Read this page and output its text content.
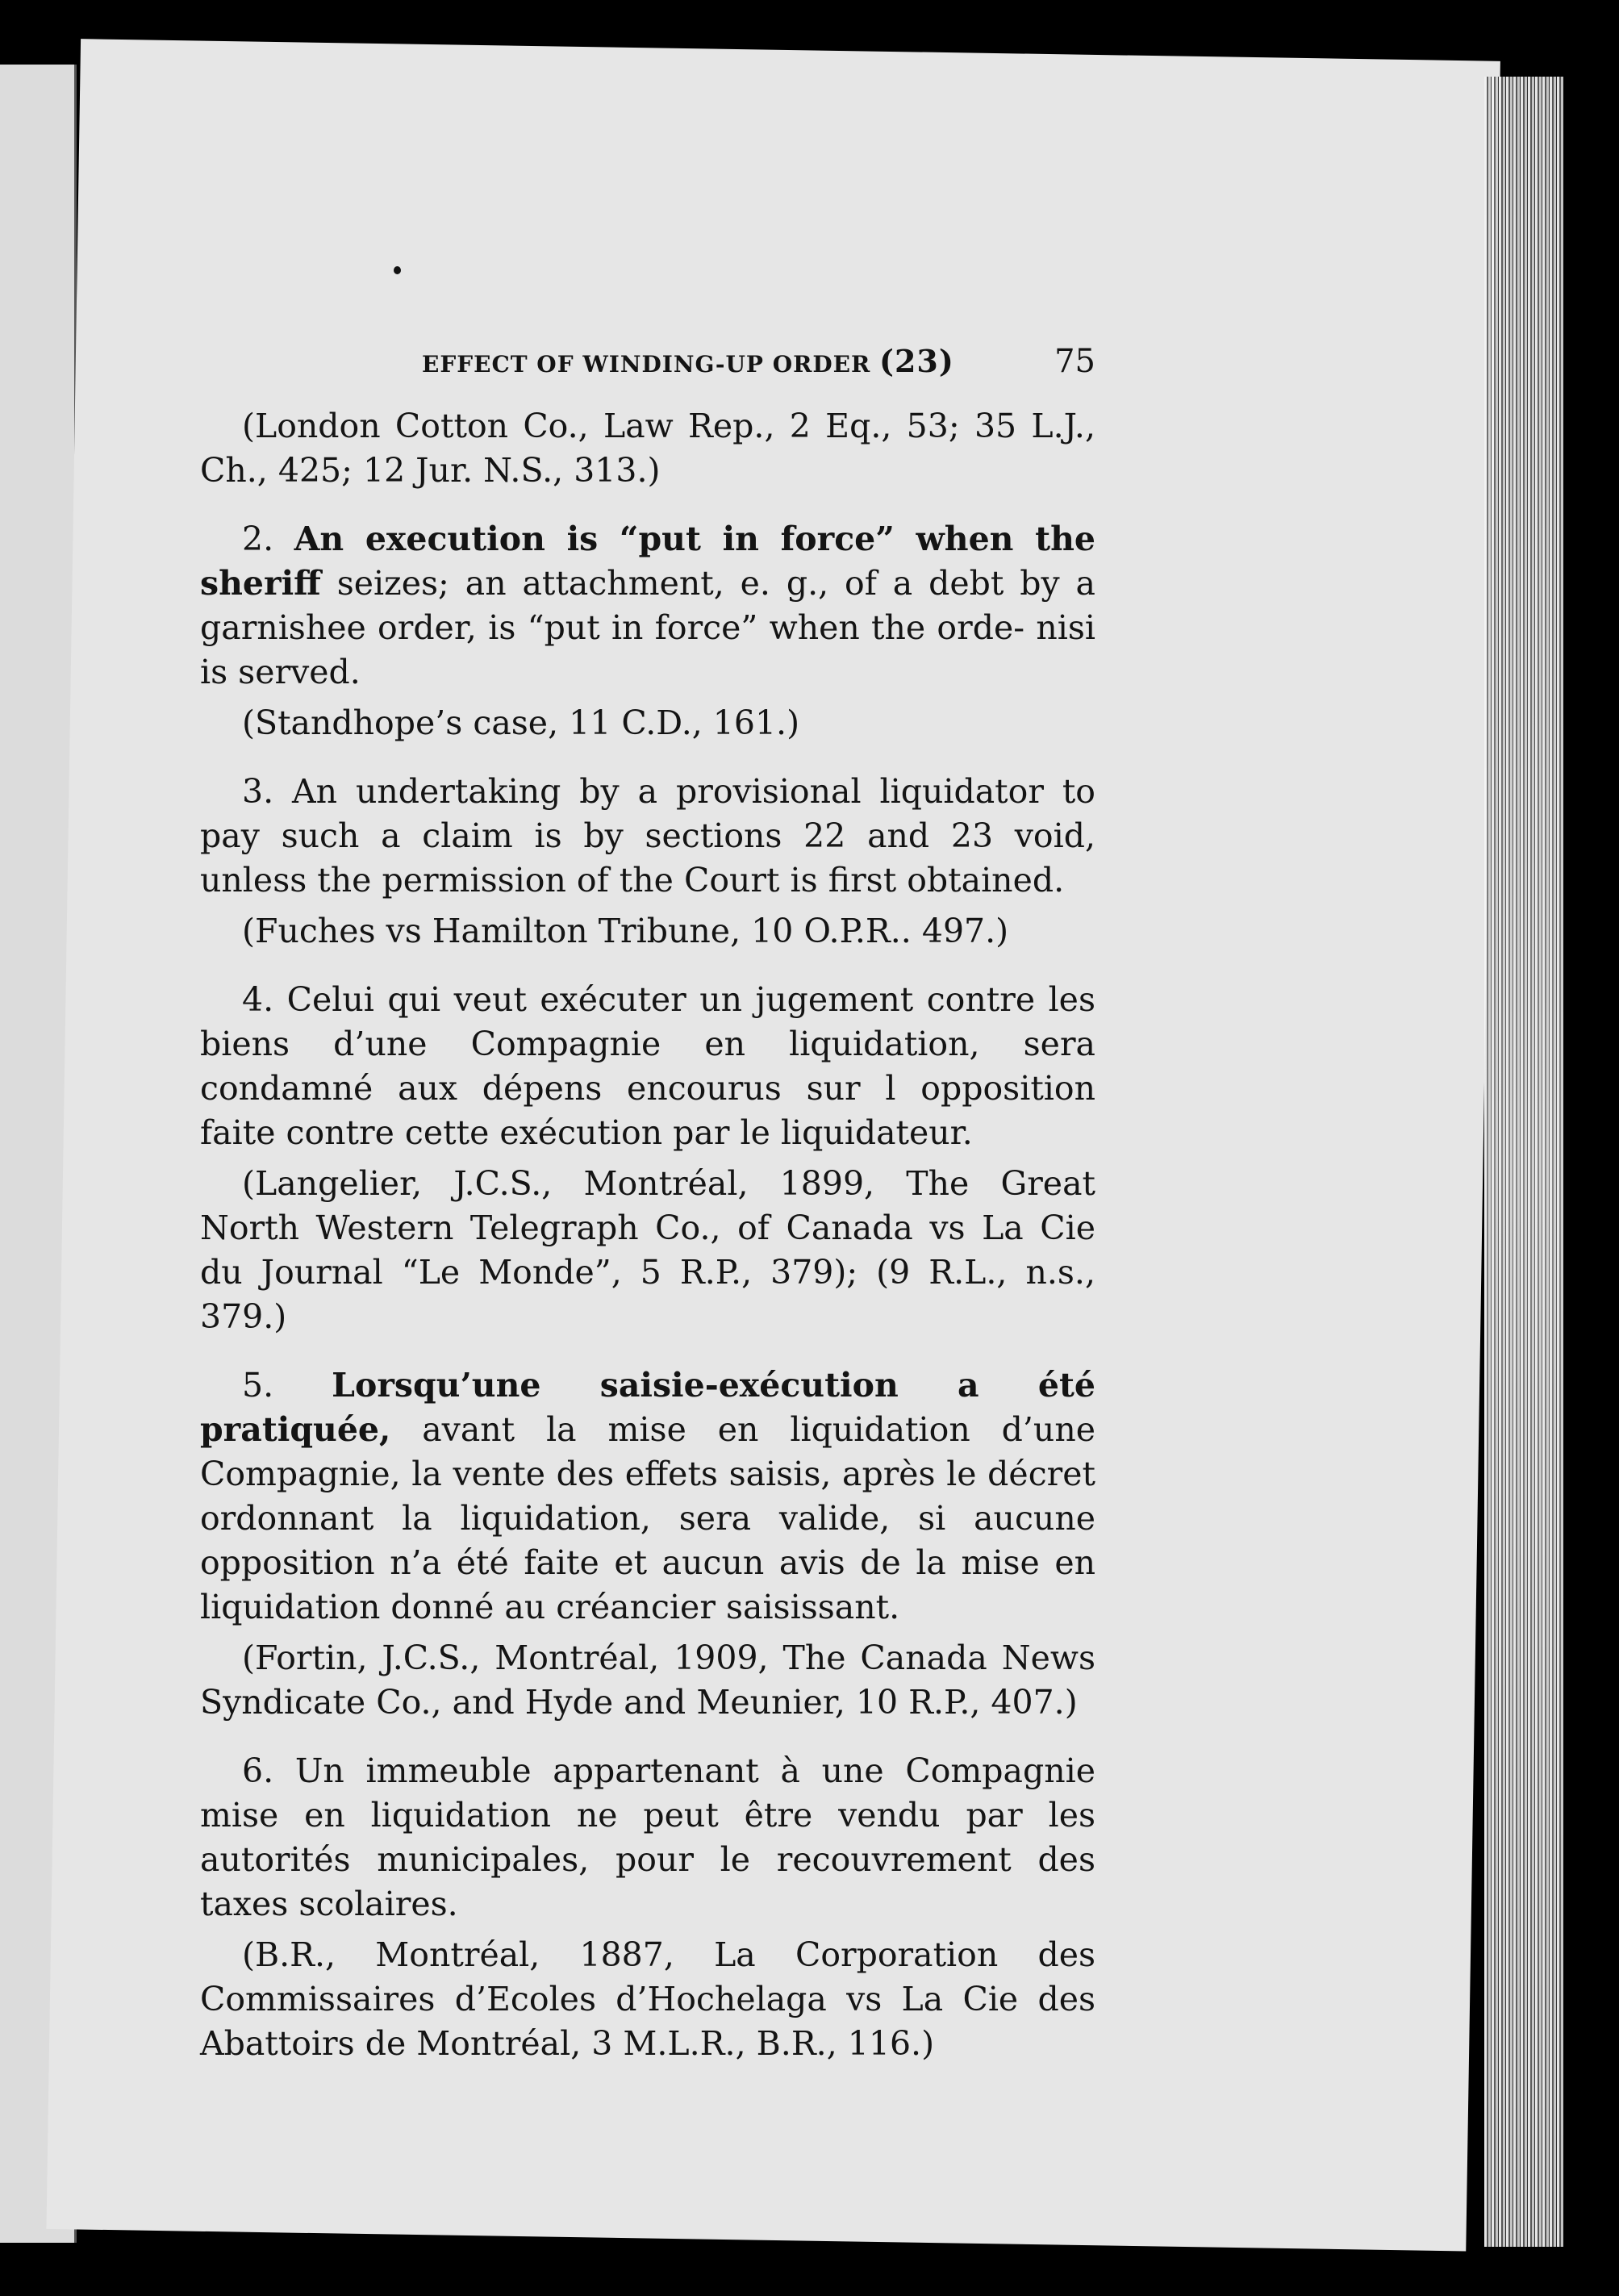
EFFECT OF WINDING-UP ORDER (23)	75

(London Cotton Co., Law Rep., 2 Eq., 53; 35 L.J., Ch., 425; 12 Jur. N.S., 313.)

2. An execution is “put in force” when the sheriff seizes; an attachment, e. g., of a debt by a garnishee order, is “put in force” when the orde- nisi is served.

(Standhope’s case, 11 C.D., 161.)

3. An undertaking by a provisional liquidator to pay such a claim is by sections 22 and 23 void, unless the permission of the Court is first obtained.

(Fuches vs Hamilton Tribune, 10 O.P.R.. 497.)

4. Celui qui veut exécuter un jugement contre les biens d’une Compagnie en liquidation, sera condamné aux dépens encourus sur l opposition faite contre cette exécution par le liquidateur.

(Langelier, J.C.S., Montréal, 1899, The Great North Western Telegraph Co., of Canada vs La Cie du Journal “Le Monde”, 5 R.P., 379); (9 R.L., n.s., 379.)

5. Lorsqu’une saisie-exécution a été pratiquée, avant la mise en liquidation d’une Compagnie, la vente des effets saisis, après le décret ordonnant la liquidation, sera valide, si aucune opposition n’a été faite et aucun avis de la mise en liquidation donné au créancier saisissant.

(Fortin, J.C.S., Montréal, 1909, The Canada News Syndicate Co., and Hyde and Meunier, 10 R.P., 407.)

6. Un immeuble appartenant à une Compagnie mise en liquidation ne peut être vendu par les autorités municipales, pour le recouvrement des taxes scolaires.

(B.R., Montréal, 1887, La Corporation des Commissaires d’Ecoles d’Hochelaga vs La Cie des Abattoirs de Montréal, 3 M.L.R., B.R., 116.)
